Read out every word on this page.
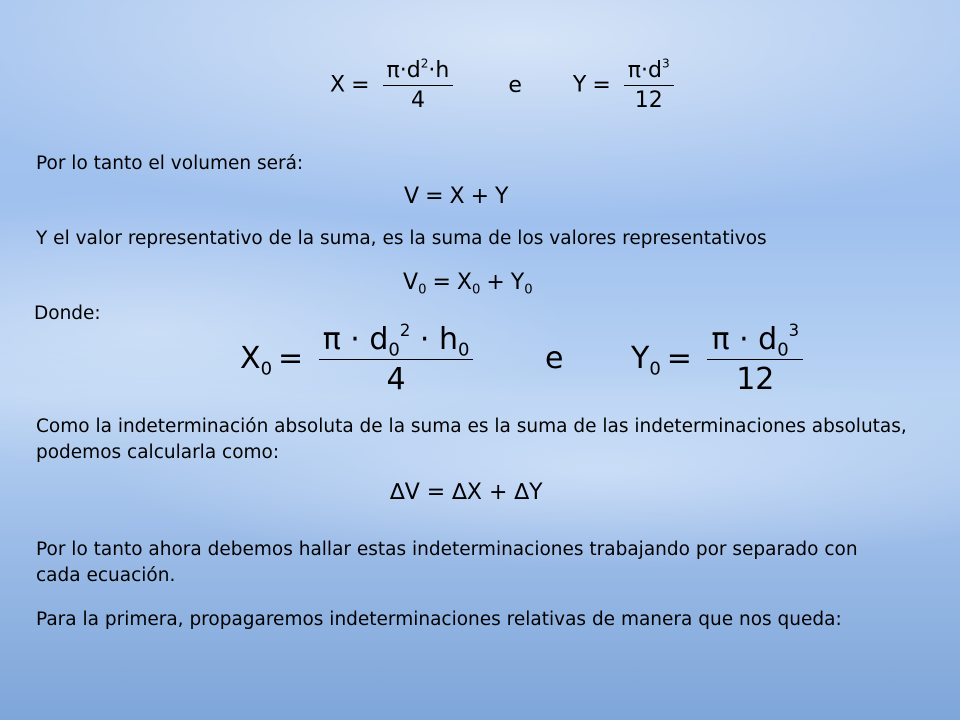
$X = \frac{\pi\cdot d^2\cdot h}{4}$	e $Y = \frac{\pi\cdot d^3}{12}$
Por lo tanto el volumen será:
V = X + Y
Y el valor representativo de la suma, es la suma de los valores representativos
$V_0 = X_0 + Y_0$
Donde:
$X_0 = \frac{\pi \cdot d_0^2 \cdot h_0}{4}$ e $Y_0 = \frac{\pi \cdot d_0^3}{12}$
Como la indeterminación absoluta de la suma es la suma de las indeterminaciones absolutas, podemos calcularla como:
∆V = ∆X + ∆Y
Por lo tanto ahora debemos hallar estas indeterminaciones trabajando por separado con cada ecuación.
Para la primera, propagaremos indeterminaciones relativas de manera que nos queda:
